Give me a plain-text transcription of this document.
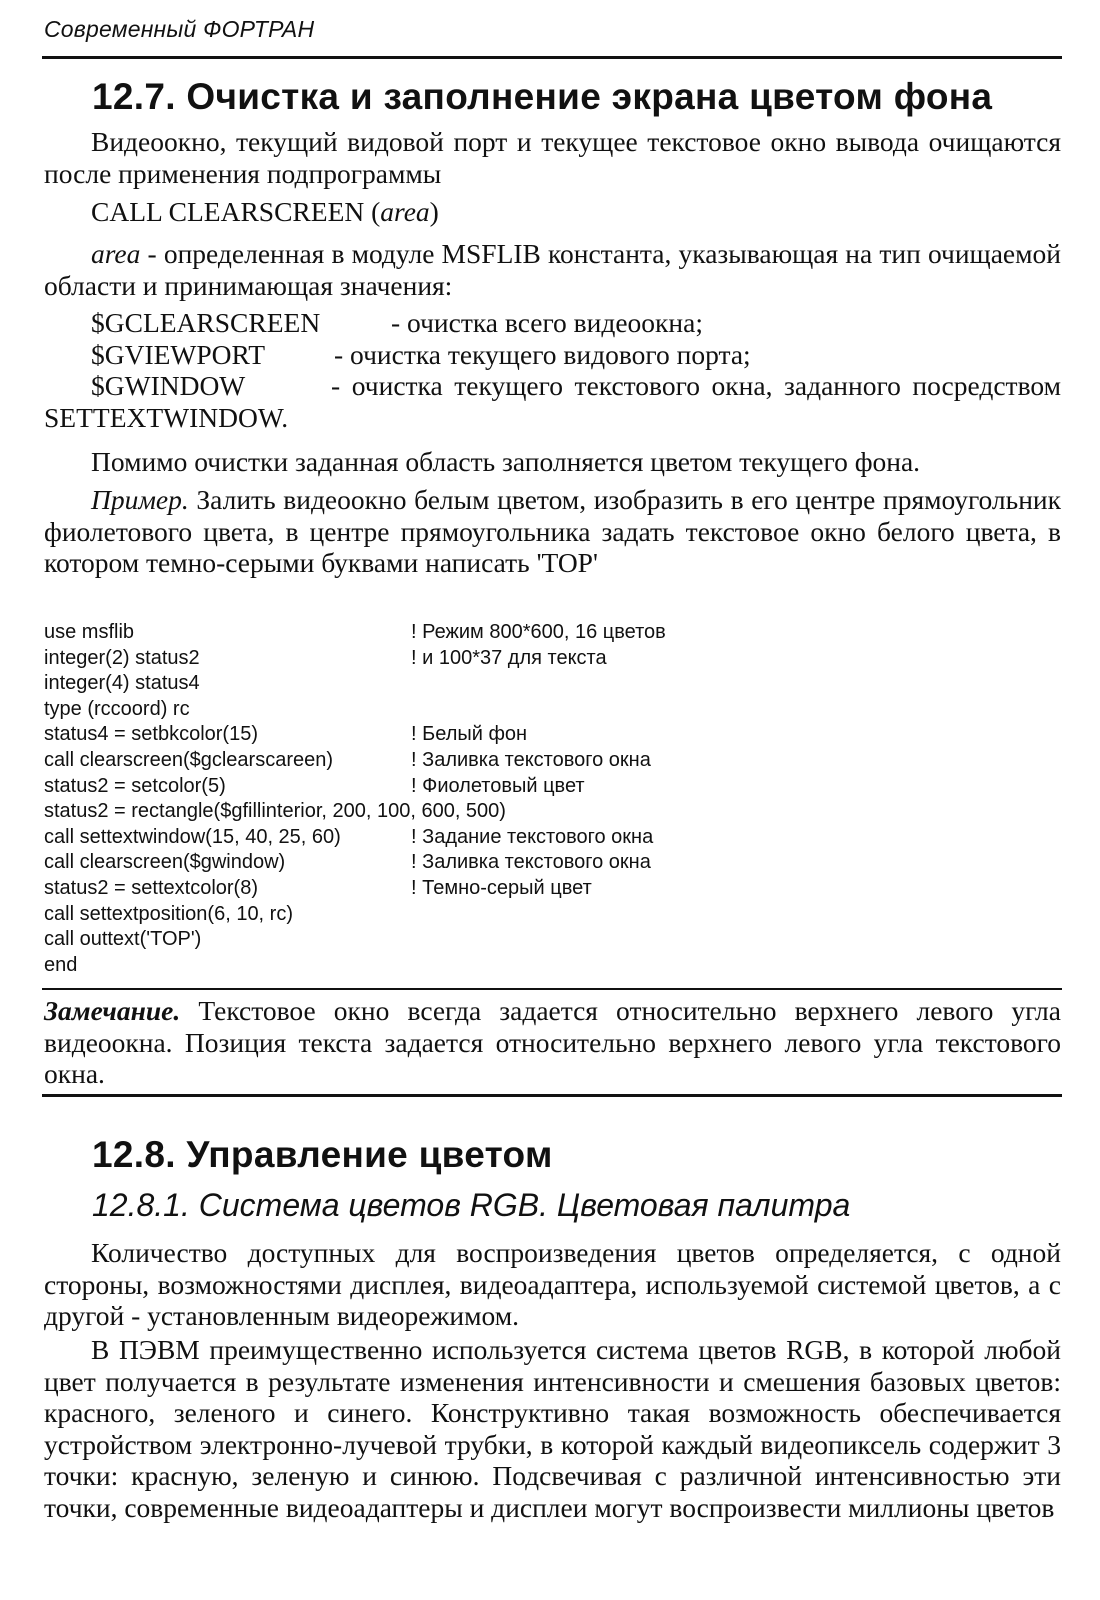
Современный ФОРТРАН
12.7. Очистка и заполнение экрана цветом фона

Видеоокно, текущий видовой порт и текущее текстовое окно вывода очищаются после применения подпрограммы

CALL CLEARSCREEN (area)

area - определенная в модуле MSFLIB константа, указывающая на тип очищаемой области и принимающая значения:

$GCLEARSCREEN	- очистка всего видеоокна;
$GVIEWPORT	- очистка текущего видового порта;
$GWINDOW	- очистка текущего текстового окна, заданного посредством SETTEXTWINDOW.

Помимо очистки заданная область заполняется цветом текущего фона.

Пример. Залить видеоокно белым цветом, изобразить в его центре прямоугольник фиолетового цвета, в центре прямоугольника задать текстовое окно белого цвета, в котором темно-серыми буквами написать 'TOP'

use msflib	! Режим 800*600, 16 цветов
integer(2) status2	! и 100*37 для текста
integer(4) status4
type (rccoord) rc
status4 = setbkcolor(15)	! Белый фон
call clearscreen($gclearscareen)	! Заливка текстового окна
status2 = setcolor(5)	! Фиолетовый цвет
status2 = rectangle($gfillinterior, 200, 100, 600, 500)
call settextwindow(15, 40, 25, 60)	! Задание текстового окна
call clearscreen($gwindow)	! Заливка текстового окна
status2 = settextcolor(8)	! Темно-серый цвет
call settextposition(6, 10, rc)
call outtext('TOP')
end

Замечание. Текстовое окно всегда задается относительно верхнего левого угла видеоокна. Позиция текста задается относительно верхнего левого угла текстового окна.

12.8. Управление цветом
12.8.1. Система цветов RGB. Цветовая палитра

Количество доступных для воспроизведения цветов определяется, с одной стороны, возможностями дисплея, видеоадаптера, используемой системой цветов, а с другой - установленным видеорежимом.

В ПЭВМ преимущественно используется система цветов RGB, в которой любой цвет получается в результате изменения интенсивности и смешения базовых цветов: красного, зеленого и синего. Конструктивно такая возможность обеспечивается устройством электронно-лучевой трубки, в которой каждый видеопиксель содержит 3 точки: красную, зеленую и синюю. Подсвечивая с различной интенсивностью эти точки, современные видеоадаптеры и дисплеи могут воспроизвести миллионы цветов
